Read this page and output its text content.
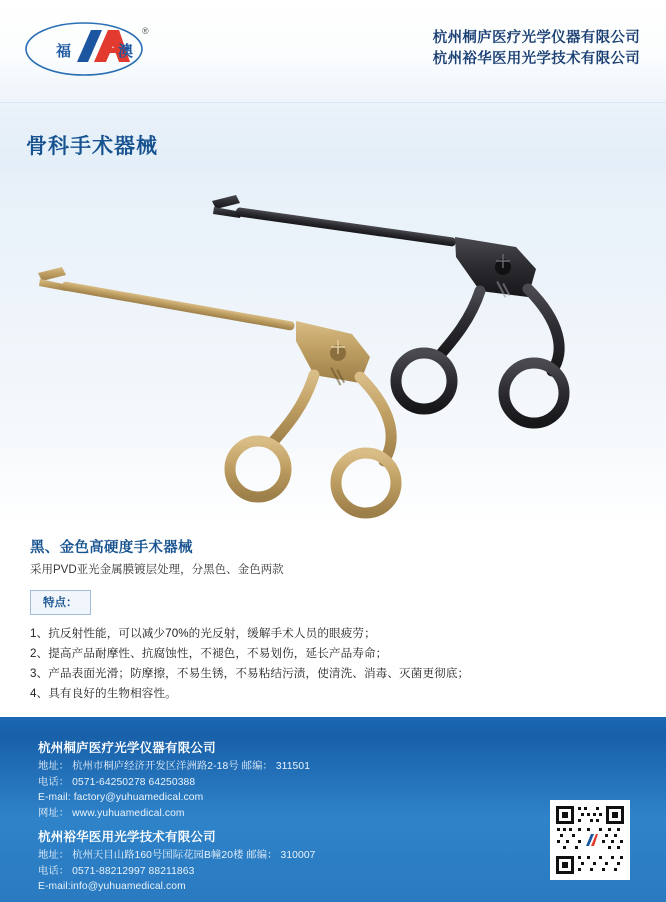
福	澳
®	杭州桐庐医疗光学仪器有限公司
杭州裕华医用光学技术有限公司
骨科手术器械
黑、金色高硬度手术器械
采用PVD亚光金属膜镀层处理，分黑色、金色两款
特点：
1、抗反射性能，可以减少70%的光反射，缓解手术人员的眼疲劳；
2、提高产品耐摩性、抗腐蚀性，不褪色，不易划伤，延长产品寿命；
3、产品表面光滑；防摩擦，不易生锈，不易粘结污渍，使清洗、消毒、灭菌更彻底；
4、具有良好的生物相容性。
杭州桐庐医疗光学仪器有限公司
地址： 杭州市桐庐经济开发区洋洲路2-18号 邮编： 311501
电话： 0571-64250278 64250388
E-mail: factory@yuhuamedical.com
网址： www.yuhuamedical.com
杭州裕华医用光学技术有限公司
地址： 杭州天目山路160号国际花园B幢20楼 邮编： 310007
电话： 0571-88212997 88211863
E-mail:info@yuhuamedical.com
